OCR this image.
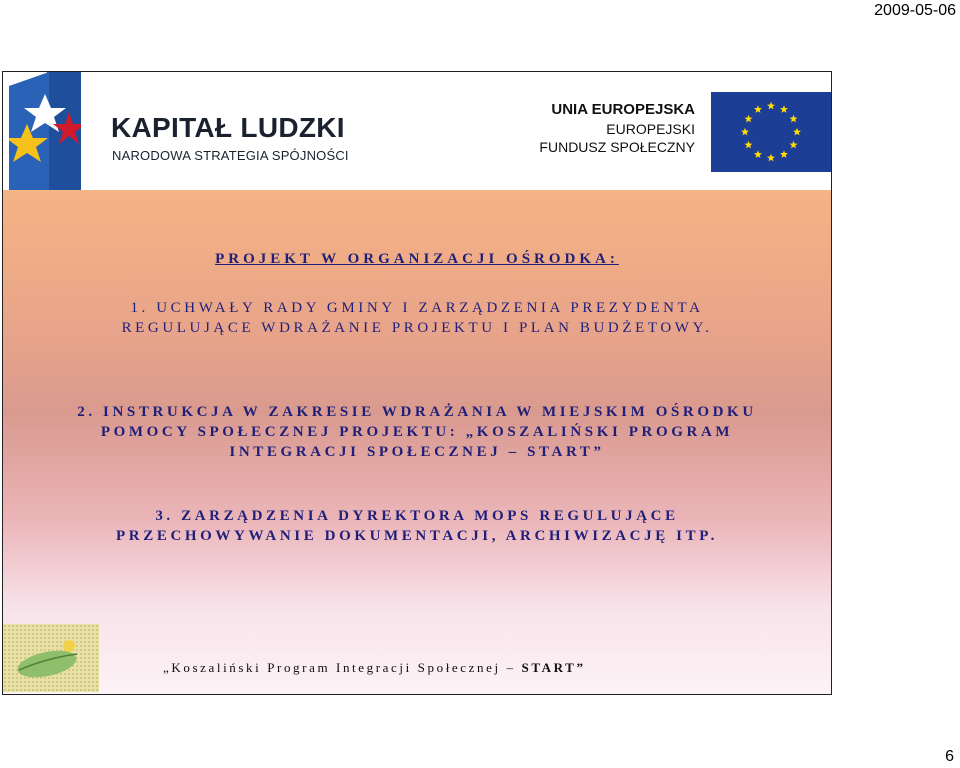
2009-05-06
KAPITAŁ LUDZKI
NARODOWA STRATEGIA SPÓJNOŚCI
UNIA EUROPEJSKA
EUROPEJSKI
FUNDUSZ SPOŁECZNY
PROJEKT W ORGANIZACJI OŚRODKA:
1. UCHWAŁY RADY GMINY I ZARZĄDZENIA PREZYDENTA REGULUJĄCE WDRAŻANIE PROJEKTU I PLAN BUDŻETOWY.
2. INSTRUKCJA W ZAKRESIE WDRAŻANIA W MIEJSKIM OŚRODKU POMOCY SPOŁECZNEJ PROJEKTU: „KOSZALIŃSKI PROGRAM INTEGRACJI SPOŁECZNEJ – START”
3. ZARZĄDZENIA DYREKTORA MOPS REGULUJĄCE PRZECHOWYWANIE DOKUMENTACJI, ARCHIWIZACJĘ ITP.
„Koszaliński Program Integracji Społecznej – START”
6
